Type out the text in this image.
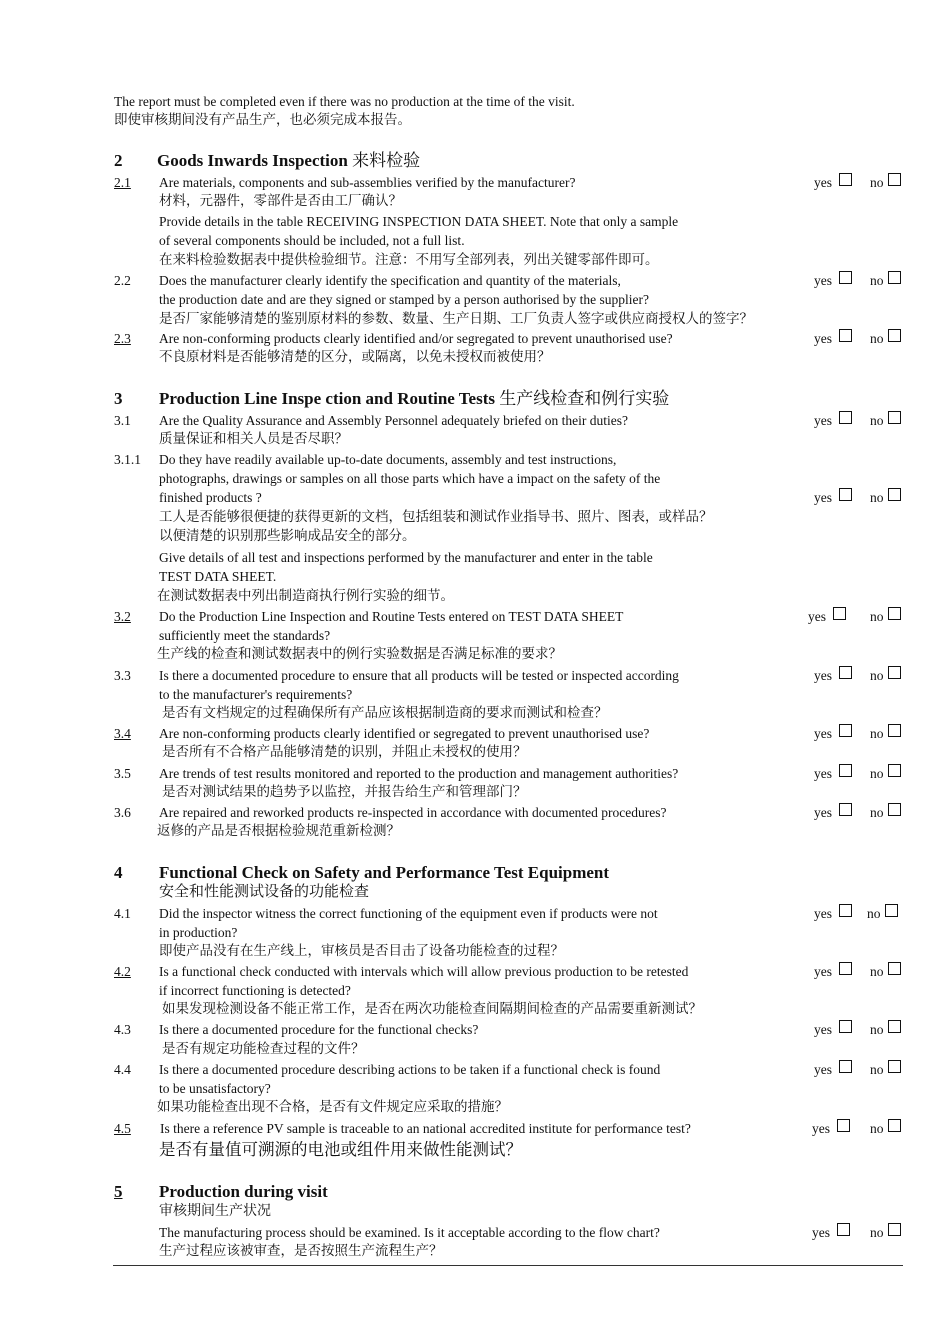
The report must be completed even if there was no production at the time of the visit.
即使审核期间没有产品生产，也必须完成本报告。
2 Goods Inwards Inspection 来料检验
2.1 Are materials, components and sub-assemblies verified by the manufacturer?
材料，元器件，零部件是否由工厂确认？
Provide details in the table RECEIVING INSPECTION DATA SHEET. Note that only a sample
of several components should be included, not a full list.
在来料检验数据表中提供检验细节。注意：不用写全部列表，列出关键零部件即可。
yes	no
2.2 Does the manufacturer clearly identify the specification and quantity of the materials,
the production date and are they signed or stamped by a person authorised by the supplier?
是否厂家能够清楚的鉴别原材料的参数、数量、生产日期、工厂负责人签字或供应商授权人的签字？
yes	no
2.3 Are non-conforming products clearly identified and/or segregated to prevent unauthorised use?
不良原材料是否能够清楚的区分，或隔离，以免未授权而被使用？
yes	no
3 Production Line Inspe ction and Routine Tests 生产线检查和例行实验
3.1 Are the Quality Assurance and Assembly Personnel adequately briefed on their duties?
质量保证和相关人员是否尽职？
yes	no
3.1.1 Do they have readily available up-to-date documents, assembly and test instructions,
photographs, drawings or samples on all those parts which have a impact on the safety of the
finished products ?
工人是否能够很便捷的获得更新的文档，包括组装和测试作业指导书、照片、图表，或样品？
以便清楚的识别那些影响成品安全的部分。
Give details of all test and inspections performed by the manufacturer and enter in the table
TEST DATA SHEET.
在测试数据表中列出制造商执行例行实验的细节。
yes	no
3.2 Do the Production Line Inspection and Routine Tests entered on TEST DATA SHEET
sufficiently meet the standards?
生产线的检查和测试数据表中的例行实验数据是否满足标准的要求？
yes	no
3.3 Is there a documented procedure to ensure that all products will be tested or inspected according
to the manufacturer's requirements?
是否有文档规定的过程确保所有产品应该根据制造商的要求而测试和检查？
yes	no
3.4 Are non-conforming products clearly identified or segregated to prevent unauthorised use?
是否所有不合格产品能够清楚的识别，并阻止未授权的使用？
yes	no
3.5 Are trends of test results monitored and reported to the production and management authorities?
是否对测试结果的趋势予以监控，并报告给生产和管理部门？
yes	no
3.6 Are repaired and reworked products re-inspected in accordance with documented procedures?
返修的产品是否根据检验规范重新检测？
yes	no
4 Functional Check on Safety and Performance Test Equipment
安全和性能测试设备的功能检查
4.1 Did the inspector witness the correct functioning of the equipment even if products were not
in production?
即使产品没有在生产线上，审核员是否目击了设备功能检查的过程？
yes	no
4.2 Is a functional check conducted with intervals which will allow previous production to be retested
if incorrect functioning is detected?
如果发现检测设备不能正常工作，是否在两次功能检查间隔期间检查的产品需要重新测试？
yes	no
4.3 Is there a documented procedure for the functional checks?
是否有规定功能检查过程的文件？
yes	no
4.4 Is there a documented procedure describing actions to be taken if a functional check is found
to be unsatisfactory?
如果功能检查出现不合格，是否有文件规定应采取的措施？
yes	no
4.5 Is there a reference PV sample is traceable to an national accredited institute for performance test?
是否有量值可溯源的电池或组件用来做性能测试？
yes	no
5 Production during visit
审核期间生产状况
The manufacturing process should be examined. Is it acceptable according to the flow chart?
生产过程应该被审查，是否按照生产流程生产？
yes	no
